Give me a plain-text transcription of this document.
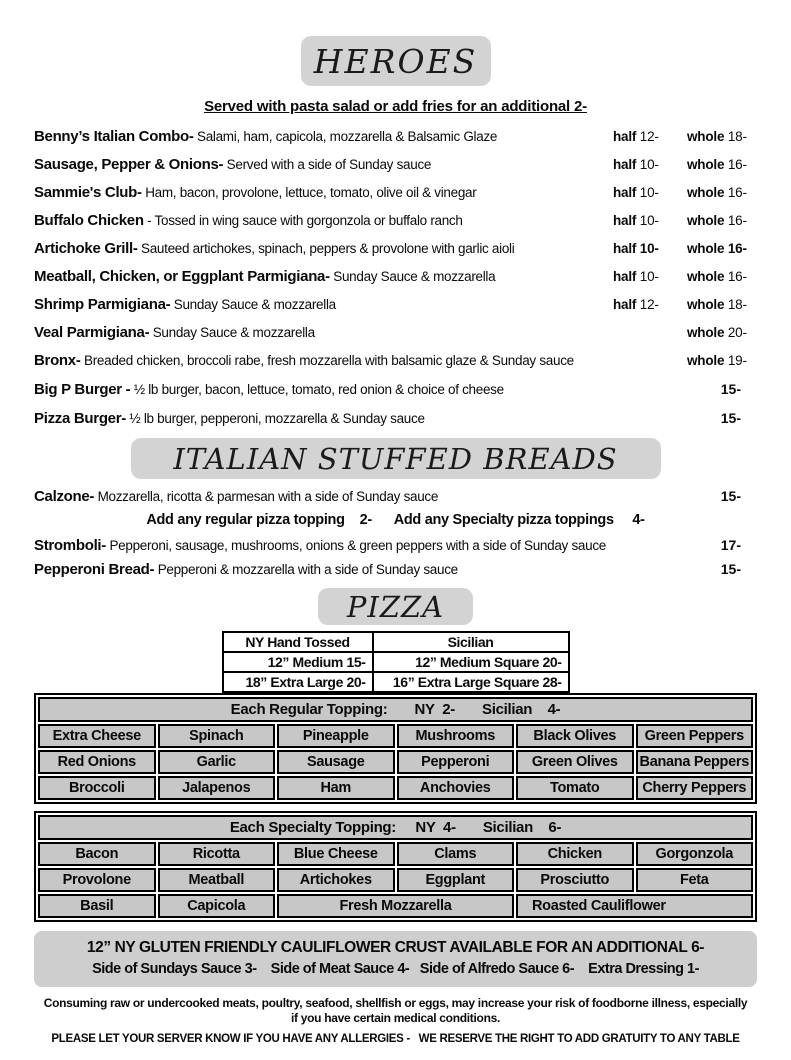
HEROES
Served with pasta salad or add fries for an additional 2-
Benny’s Italian Combo- Salami, ham, capicola, mozzarella & Balsamic Glaze	half 12-	whole 18-
Sausage, Pepper & Onions- Served with a side of Sunday sauce	half 10-	whole 16-
Sammie's Club- Ham, bacon, provolone, lettuce, tomato, olive oil & vinegar	half 10-	whole 16-
Buffalo Chicken - Tossed in wing sauce with gorgonzola or buffalo ranch	half 10-	whole 16-
Artichoke Grill- Sauteed artichokes, spinach, peppers & provolone with garlic aioli	half 10-	whole 16-
Meatball, Chicken, or Eggplant Parmigiana- Sunday Sauce & mozzarella	half 10-	whole 16-
Shrimp Parmigiana- Sunday Sauce & mozzarella	half 12-	whole 18-
Veal Parmigiana- Sunday Sauce & mozzarella	whole 20-
Bronx- Breaded chicken, broccoli rabe, fresh mozzarella with balsamic glaze & Sunday sauce	whole 19-
Big P Burger - ½ lb burger, bacon, lettuce, tomato, red onion & choice of cheese	15-
Pizza Burger- ½ lb burger, pepperoni, mozzarella & Sunday sauce	15-
ITALIAN STUFFED BREADS
Calzone- Mozzarella, ricotta & parmesan with a side of Sunday sauce	15-
Add any regular pizza topping    2-      Add any Specialty pizza toppings     4-
Stromboli- Pepperoni, sausage, mushrooms, onions & green peppers with a side of Sunday sauce	17-
Pepperoni Bread- Pepperoni & mozzarella with a side of Sunday sauce	15-
PIZZA
NY Hand Tossed	Sicilian
12” Medium 15-	12” Medium Square 20-
18” Extra Large 20-	16” Extra Large Square 28-
Each Regular Topping:       NY  2-       Sicilian    4-					
Extra Cheese	Spinach	Pineapple	Mushrooms	Black Olives	Green Peppers
Red Onions	Garlic	Sausage	Pepperoni	Green Olives	Banana Peppers
Broccoli	Jalapenos	Ham	Anchovies	Tomato	Cherry Peppers
Each Specialty Topping:     NY  4-       Sicilian    6-					
Bacon	Ricotta	Blue Cheese	Clams	Chicken	Gorgonzola
Provolone	Meatball	Artichokes	Eggplant	Prosciutto	Feta
Basil	Capicola	Fresh Mozzarella		Roasted Cauliflower	
12” NY GLUTEN FRIENDLY CAULIFLOWER CRUST AVAILABLE FOR AN ADDITIONAL 6-
Side of Sundays Sauce 3-    Side of Meat Sauce 4-   Side of Alfredo Sauce 6-    Extra Dressing 1-
Consuming raw or undercooked meats, poultry, seafood, shellfish or eggs, may increase your risk of foodborne illness, especially
if you have certain medical conditions.
PLEASE LET YOUR SERVER KNOW IF YOU HAVE ANY ALLERGIES -   WE RESERVE THE RIGHT TO ADD GRATUITY TO ANY TABLE
